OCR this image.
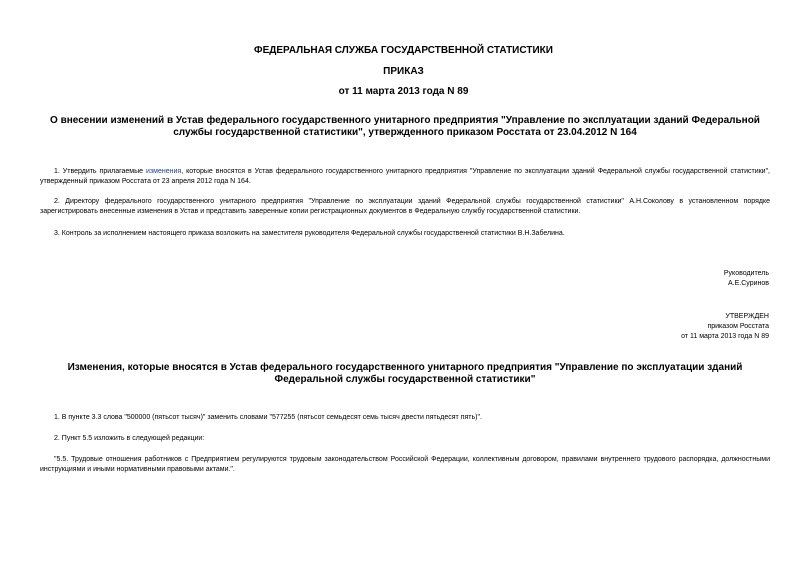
ФЕДЕРАЛЬНАЯ СЛУЖБА ГОСУДАРСТВЕННОЙ СТАТИСТИКИ
ПРИКАЗ
от 11 марта 2013 года N 89
О внесении изменений в Устав федерального государственного унитарного предприятия "Управление по эксплуатации зданий Федеральной службы государственной статистики", утвержденного приказом Росстата от 23.04.2012 N 164
1. Утвердить прилагаемые изменения, которые вносятся в Устав федерального государственного унитарного предприятия "Управление по эксплуатации зданий Федеральной службы государственной статистики", утвержденный приказом Росстата от 23 апреля 2012 года N 164.
2. Директору федерального государственного унитарного предприятия "Управление по эксплуатации зданий Федеральной службы государственной статистики" А.Н.Соколову в установленном порядке зарегистрировать внесенные изменения в Устав и представить заверенные копии регистрационных документов в Федеральную службу государственной статистики.
3. Контроль за исполнением настоящего приказа возложить на заместителя руководителя Федеральной службы государственной статистики В.Н.Забелина.
Руководитель
А.Е.Суринов
УТВЕРЖДЕН
приказом Росстата
от 11 марта 2013 года N 89
Изменения, которые вносятся в Устав федерального государственного унитарного предприятия "Управление по эксплуатации зданий Федеральной службы государственной статистики"
1. В пункте 3.3 слова "500000 (пятьсот тысяч)" заменить словами "577255 (пятьсот семьдесят семь тысяч двести пятьдесят пять)".
2. Пункт 5.5 изложить в следующей редакции:
"5.5. Трудовые отношения работников с Предприятием регулируются трудовым законодательством Российской Федерации, коллективным договором, правилами внутреннего трудового распорядка, должностными инструкциями и иными нормативными правовыми актами.".
